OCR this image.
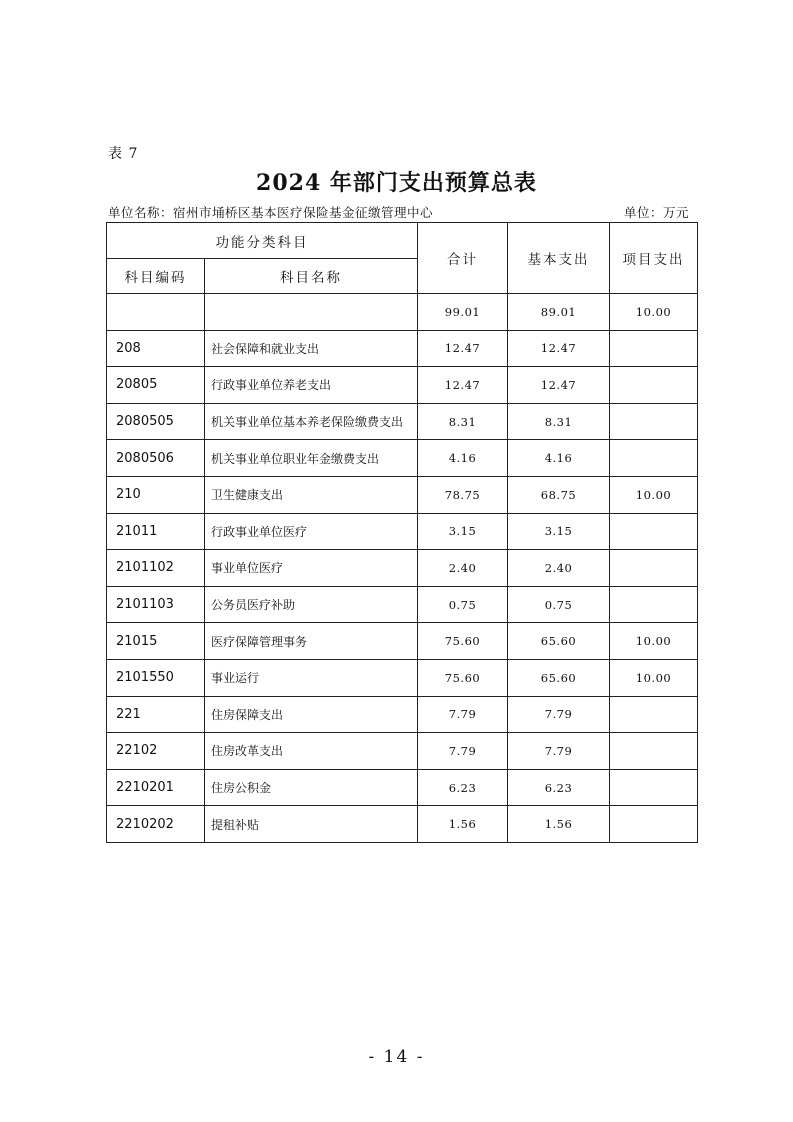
表 7
2024 年部门支出预算总表
单位名称：宿州市埇桥区基本医疗保险基金征缴管理中心	单位：万元
功能分类科目		合计	基本支出	项目支出
科目编码	科目名称			
		99.01	89.01	10.00
208	社会保障和就业支出	12.47	12.47	
20805	行政事业单位养老支出	12.47	12.47	
2080505	机关事业单位基本养老保险缴费支出	8.31	8.31	
2080506	机关事业单位职业年金缴费支出	4.16	4.16	
210	卫生健康支出	78.75	68.75	10.00
21011	行政事业单位医疗	3.15	3.15	
2101102	事业单位医疗	2.40	2.40	
2101103	公务员医疗补助	0.75	0.75	
21015	医疗保障管理事务	75.60	65.60	10.00
2101550	事业运行	75.60	65.60	10.00
221	住房保障支出	7.79	7.79	
22102	住房改革支出	7.79	7.79	
2210201	住房公积金	6.23	6.23	
2210202	提租补贴	1.56	1.56	
- 14 -
